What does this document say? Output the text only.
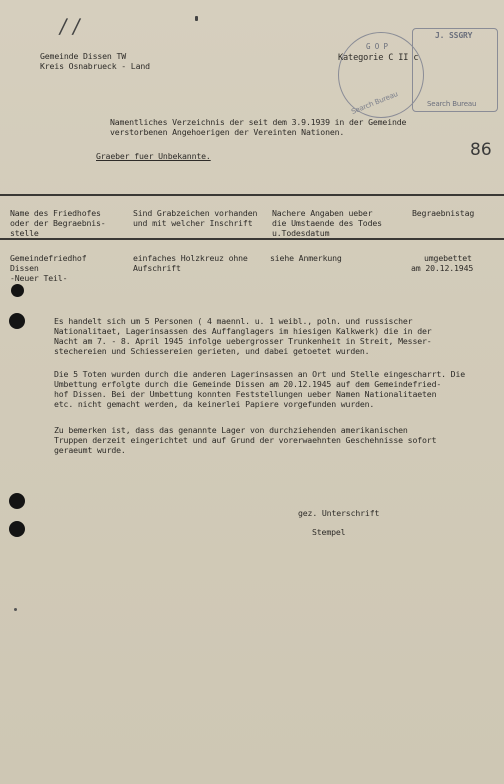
/ /
G O P
Kategorie C II c
Search Bureau
J. SSGRY
Search Bureau
Gemeinde Dissen TW
Kreis Osnabrueck - Land
86
Namentliches Verzeichnis der seit dem 3.9.1939 in der Gemeinde
verstorbenen Angehoerigen der Vereinten Nationen.
Graeber fuer Unbekannte.
Name des Friedhofes
oder der Begraebnis-
stelle
Sind Grabzeichen vorhanden
und mit welcher Inschrift
Nachere Angaben ueber
die Umstaende des Todes
u.Todesdatum
Begraebnistag
Gemeindefriedhof
Dissen
-Neuer Teil-
einfaches Holzkreuz ohne
Aufschrift
siehe Anmerkung	umgebettet
am 20.12.1945
Es handelt sich um 5 Personen ( 4 maennl. u. 1 weibl., poln. und russischer
Nationalitaet, Lagerinsassen des Auffanglagers im hiesigen Kalkwerk) die in der
Nacht am 7. - 8. April 1945 infolge uebergrosser Trunkenheit in Streit, Messer-
stechereien und Schiessereien gerieten, und dabei getoetet wurden.
Die 5 Toten wurden durch die anderen Lagerinsassen an Ort und Stelle eingescharrt. Die
Umbettung erfolgte durch die Gemeinde Dissen am 20.12.1945 auf dem Gemeindefried-
hof Dissen. Bei der Umbettung konnten Feststellungen ueber Namen Nationalitaeten
etc. nicht gemacht werden, da keinerlei Papiere vorgefunden wurden.
Zu bemerken ist, dass das genannte Lager von durchziehenden amerikanischen
Truppen derzeit eingerichtet und auf Grund der vorerwaehnten Geschehnisse sofort
geraeumt wurde.
gez. Unterschrift
Stempel
